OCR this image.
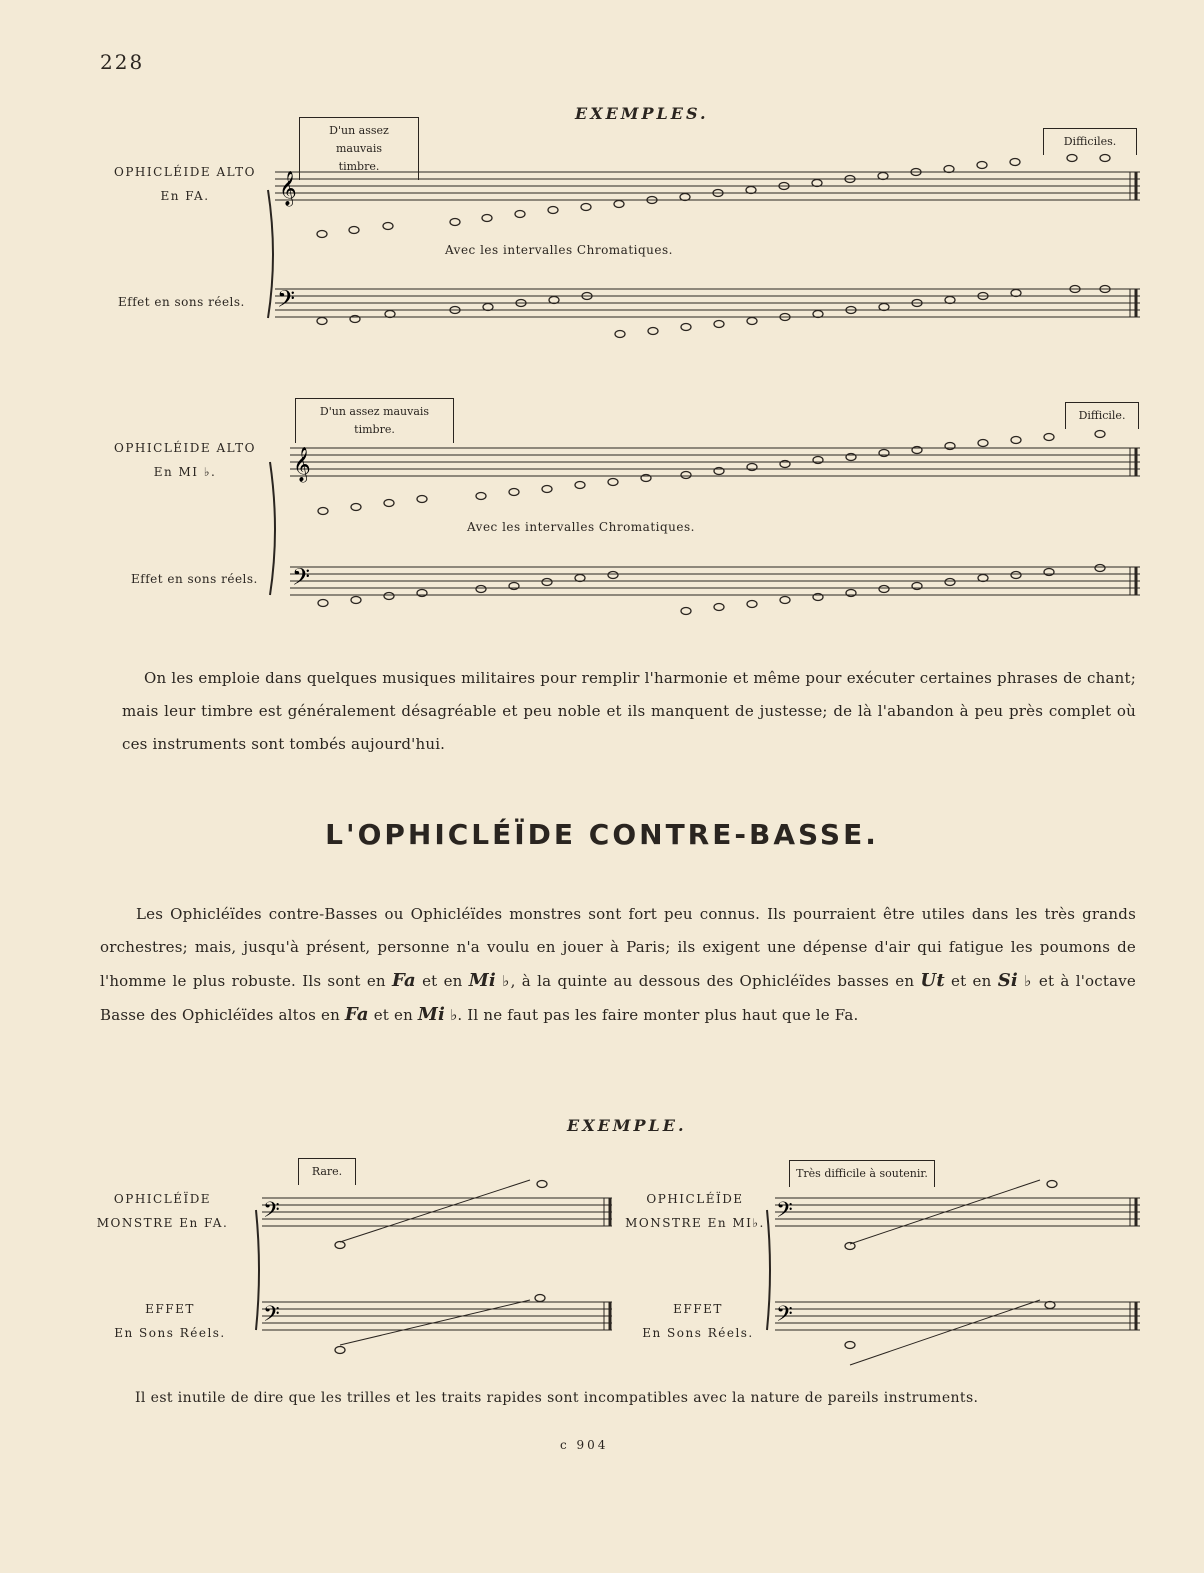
228
EXEMPLES.
OPHICLÉIDE ALTO
En FA.
D'un assez mauvais
timbre.
Difficiles.
Avec les intervalles Chromatiques.
Effet en sons réels.
𝄞
𝄢
OPHICLÉIDE ALTO
En MI ♭.
D'un assez mauvais
timbre.
Difficile.
Avec les intervalles Chromatiques.
Effet en sons réels.
𝄞
𝄢
On les emploie dans quelques musiques militaires pour remplir l'harmonie et même pour exécuter certaines phrases de chant; mais leur timbre est généralement désagréable et peu noble et ils manquent de justesse; de là l'abandon à peu près complet où ces instruments sont tombés aujourd'hui.
L'OPHICLÉÏDE CONTRE-BASSE.
Les Ophicléïdes contre-Basses ou Ophicléïdes monstres sont fort peu connus. Ils pourraient être utiles dans les très grands orchestres; mais, jusqu'à présent, personne n'a voulu en jouer à Paris; ils exigent une dépense d'air qui fatigue les poumons de l'homme le plus robuste. Ils sont en Fa et en Mi ♭, à la quinte au dessous des Ophicléïdes basses en Ut et en Si ♭ et à l'octave Basse des Ophicléïdes altos en Fa et en Mi ♭. Il ne faut pas les faire monter plus haut que le Fa.
EXEMPLE.
OPHICLÉÏDE
MONSTRE En FA.
Rare.
EFFET
En Sons Réels.
OPHICLÉÏDE
MONSTRE En MI♭.
Très difficile à soutenir.
EFFET
En Sons Réels.
𝄢
𝄢
𝄢
𝄢
Il est inutile de dire que les trilles et les traits rapides sont incompatibles avec la nature de pareils instruments.
c 904
